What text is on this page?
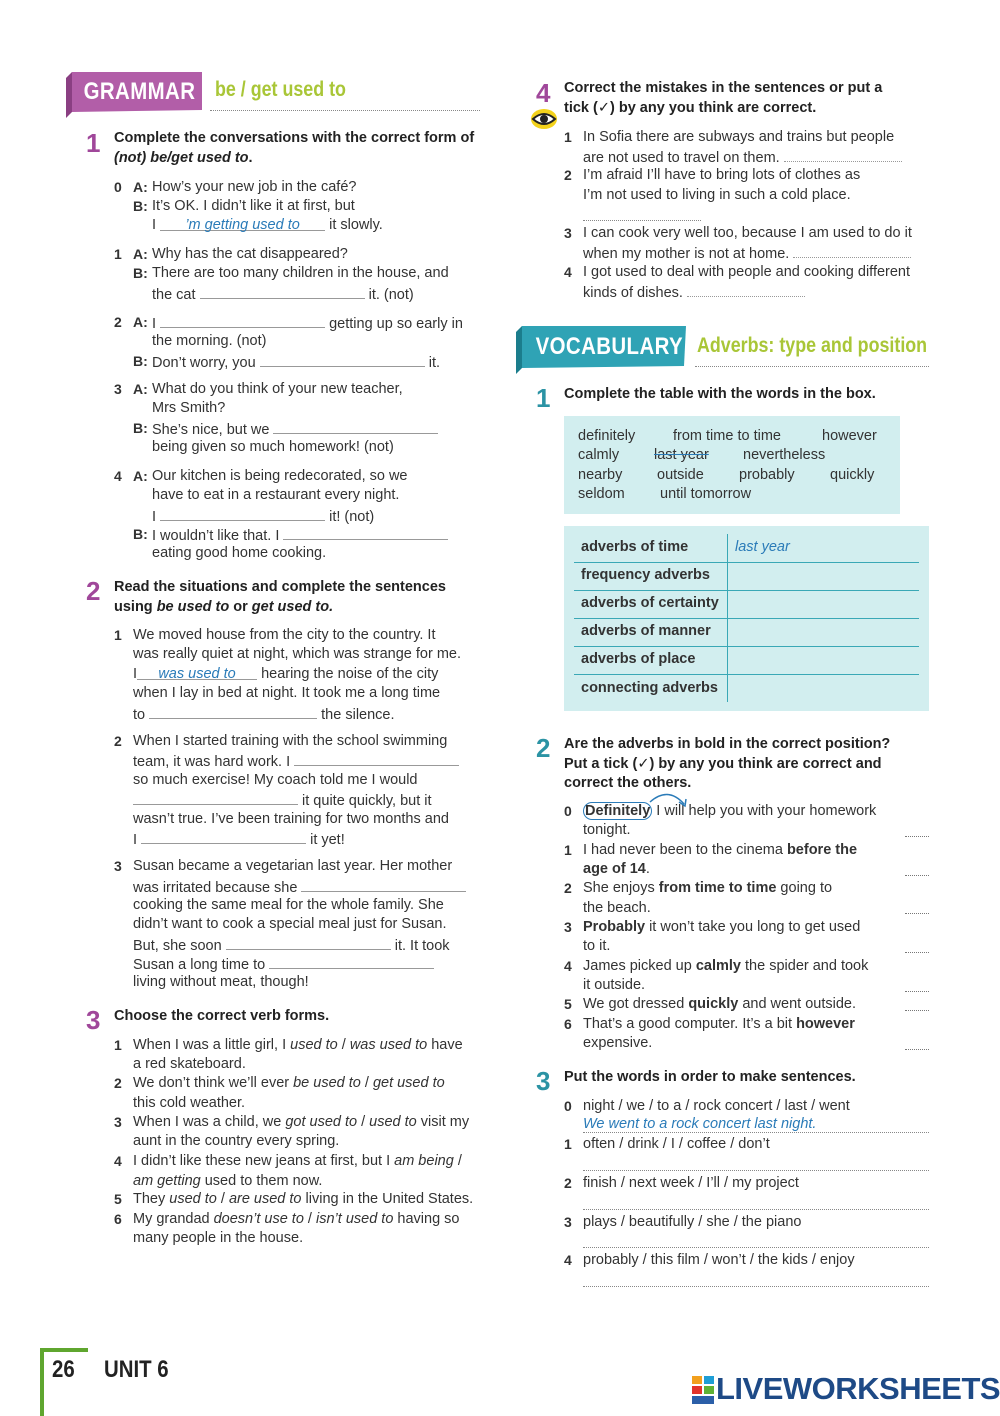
GRAMMAR be / get used to
1 Complete the conversations with the correct form of
(not) be/get used to.
0 A: How’s your new job in the café?
B: It’s OK. I didn’t like it at first, but
I ’m getting used to it slowly.
1 A: Why has the cat disappeared?
B: There are too many children in the house, and
the cat	it. (not)
2 A: I	getting up so early in
the morning. (not)
B: Don’t worry, you	it.
3 A: What do you think of your new teacher,
Mrs Smith?
B: She’s nice, but we
being given so much homework! (not)
4 A: Our kitchen is being redecorated, so we
have to eat in a restaurant every night.
I	it! (not)
B: I wouldn’t like that. I
eating good home cooking.
2 Read the situations and complete the sentences
using be used to or get used to.
1 We moved house from the city to the country. It
was really quiet at night, which was strange for me.
I was used to hearing the noise of the city
when I lay in bed at night. It took me a long time
to	the silence.
2 When I started training with the school swimming
team, it was hard work. I
so much exercise! My coach told me I would
it quite quickly, but it
wasn’t true. I’ve been training for two months and
I	it yet!
3 Susan became a vegetarian last year. Her mother
was irritated because she
cooking the same meal for the whole family. She
didn’t want to cook a special meal just for Susan.
But, she soon	it. It took
Susan a long time to
living without meat, though!
3 Choose the correct verb forms.
1 When I was a little girl, I used to / was used to have
a red skateboard.
2 We don’t think we’ll ever be used to / get used to
this cold weather.
3 When I was a child, we got used to / used to visit my
aunt in the country every spring.
4 I didn’t like these new jeans at first, but I am being /
am getting used to them now.
5 They used to / are used to living in the United States.
6 My grandad doesn’t use to / isn’t used to having so
many people in the house.
4 Correct the mistakes in the sentences or put a
tick (✓) by any you think are correct.
1 In Sofia there are subways and trains but people
are not used to travel on them.
2 I’m afraid I’ll have to bring lots of clothes as
I’m not used to living in such a cold place.
3 I can cook very well too, because I am used to do it
when my mother is not at home.
4 I got used to deal with people and cooking different
kinds of dishes.
VOCABULARY Adverbs: type and position
1 Complete the table with the words in the box.
definitely	from time to time	however
calmly last year nevertheless
nearby outside probably quickly
seldom until tomorrow
adverbs of time	last year
frequency adverbs	
adverbs of certainty	
adverbs of manner	
adverbs of place	
connecting adverbs	
2 Are the adverbs in bold in the correct position?
Put a tick (✓) by any you think are correct and
correct the others.
0 Definitely I will help you with your homework
tonight.
1 I had never been to the cinema before the
age of 14.
2 She enjoys from time to time going to
the beach.
3 Probably it won’t take you long to get used
to it.
4 James picked up calmly the spider and took
it outside.
5 We got dressed quickly and went outside.
6 That’s a good computer. It’s a bit however
expensive.
3 Put the words in order to make sentences.
0 night / we / to a / rock concert / last / went
We went to a rock concert last night.
1 often / drink / I / coffee / don’t
2 finish / next week / I’ll / my project
3 plays / beautifully / she / the piano
4 probably / this film / won’t / the kids / enjoy
26 UNIT 6
LIVEWORKSHEETS
